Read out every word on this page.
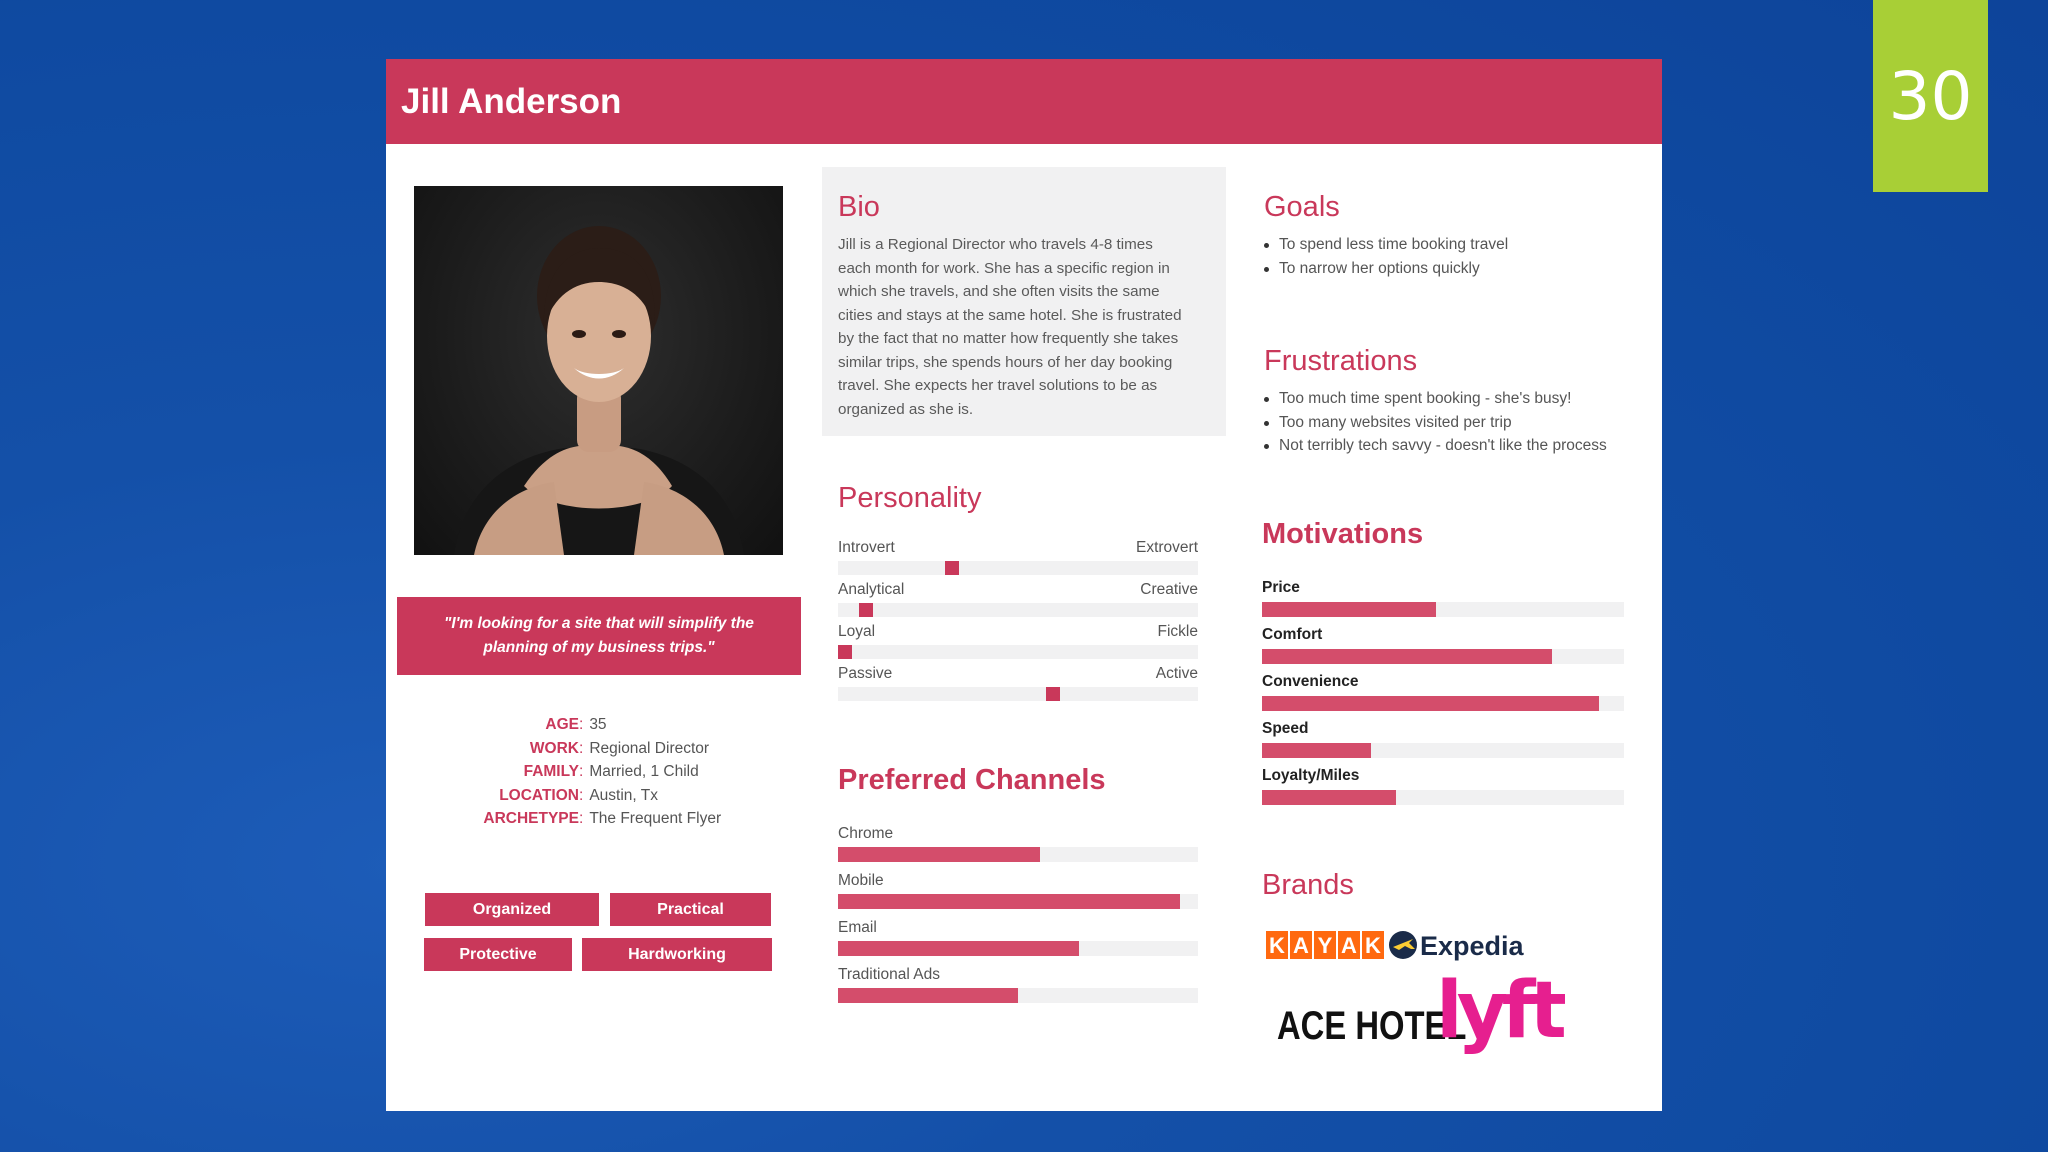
30
Jill Anderson
"I'm looking for a site that will simplify the planning of my business trips."
AGE : 35
WORK : Regional Director
FAMILY : Married, 1 Child
LOCATION : Austin, Tx
ARCHETYPE : The Frequent Flyer
Organized	Practical
Protective	Hardworking
Bio
Jill is a Regional Director who travels 4-8 times
each month for work. She has a specific region in
which she travels, and she often visits the same
cities and stays at the same hotel. She is frustrated
by the fact that no matter how frequently she takes
similar trips, she spends hours of her day booking
travel. She expects her travel solutions to be as
organized as she is.
Personality
Introvert	Extrovert
Analytical	Creative
Loyal	Fickle
Passive	Active
Preferred Channels
Chrome
Mobile
Email
Traditional Ads
Goals
To spend less time booking travel
To narrow her options quickly
Frustrations
Too much time spent booking - she's busy!
Too many websites visited per trip
Not terribly tech savvy - doesn't like the process
Motivations
Price
Comfort
Convenience
Speed
Loyalty/Miles
Brands
K A Y A K Expedia
ACE HOTEL
lyft
